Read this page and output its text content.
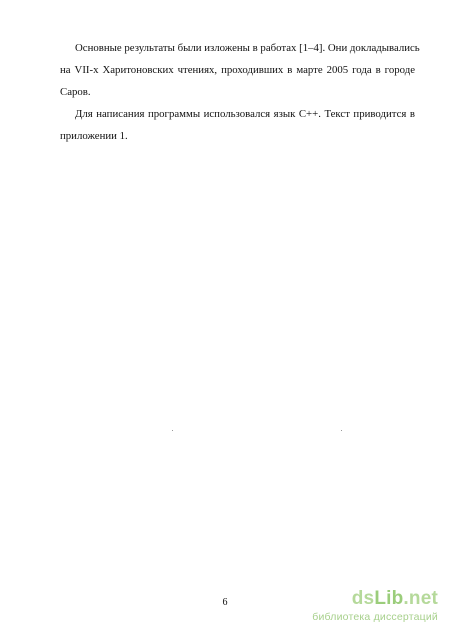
Основные результаты были изложены в работах [1–4]. Они докладывались
на VII-х Харитоновских чтениях, проходивших в марте 2005 года в городе
Саров.

Для написания программы использовался язык C++. Текст приводится в
приложении 1.

6	dsLib.net
библиотека диссертаций
